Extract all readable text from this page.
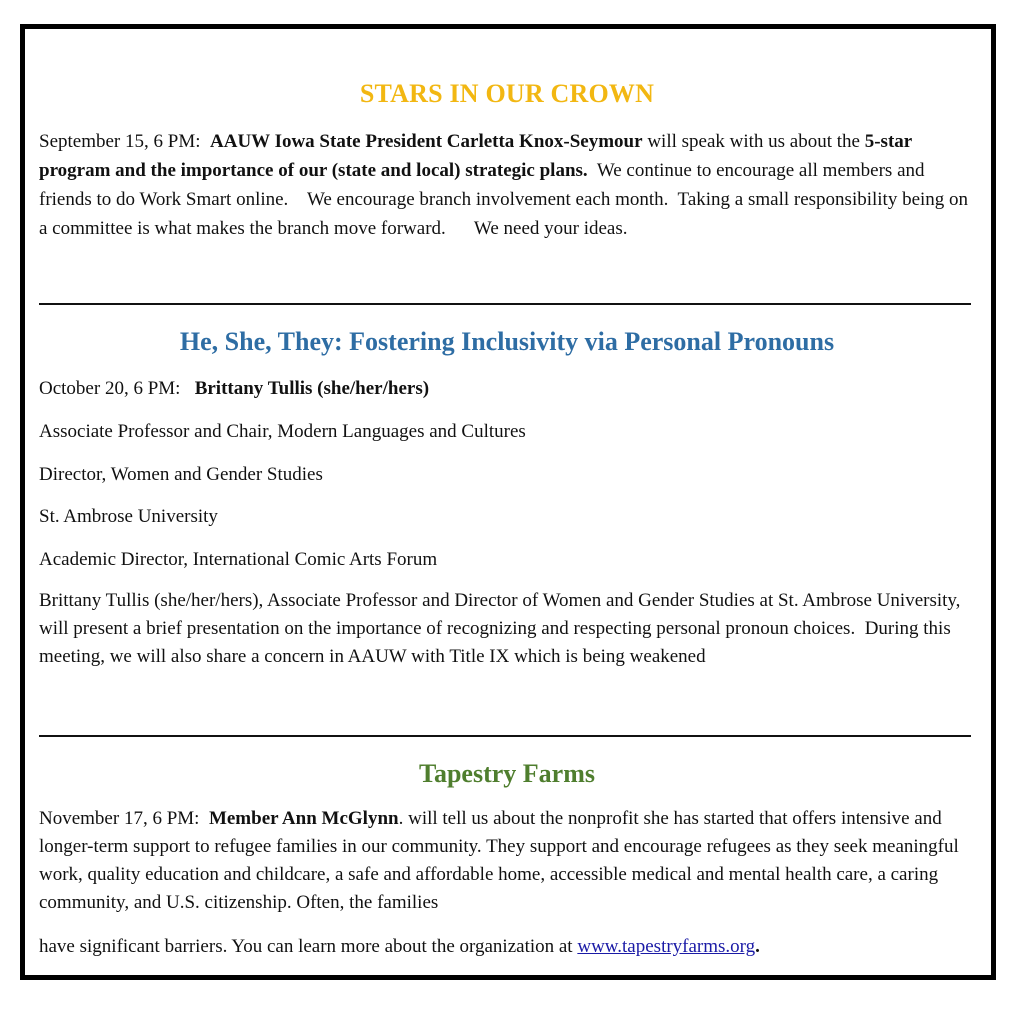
STARS IN OUR CROWN

September 15, 6 PM: AAUW Iowa State President Carletta Knox-Seymour will speak with us about the 5-star program and the importance of our (state and local) strategic plans.  We continue to encourage all members and friends to do Work Smart online.    We encourage branch involvement each month.  Taking a small responsibility being on a committee is what makes the branch move forward.      We need your ideas.

He, She, They: Fostering Inclusivity via Personal Pronouns

October 20, 6 PM: Brittany Tullis (she/her/hers)

Associate Professor and Chair, Modern Languages and Cultures

Director, Women and Gender Studies

St. Ambrose University

Academic Director, International Comic Arts Forum

Brittany Tullis (she/her/hers), Associate Professor and Director of Women and Gender Studies at St. Ambrose University, will present a brief presentation on the importance of recognizing and respecting personal pronoun choices.  During this meeting, we will also share a concern in AAUW with Title IX which is being weakened

Tapestry Farms

November 17, 6 PM: Member Ann McGlynn. will tell us about the nonprofit she has started that offers intensive and longer-term support to refugee families in our community. They support and encourage refugees as they seek meaningful work, quality education and childcare, a safe and affordable home, accessible medical and mental health care, a caring community, and U.S. citizenship. Often, the families

have significant barriers. You can learn more about the organization at www.tapestryfarms.org.
